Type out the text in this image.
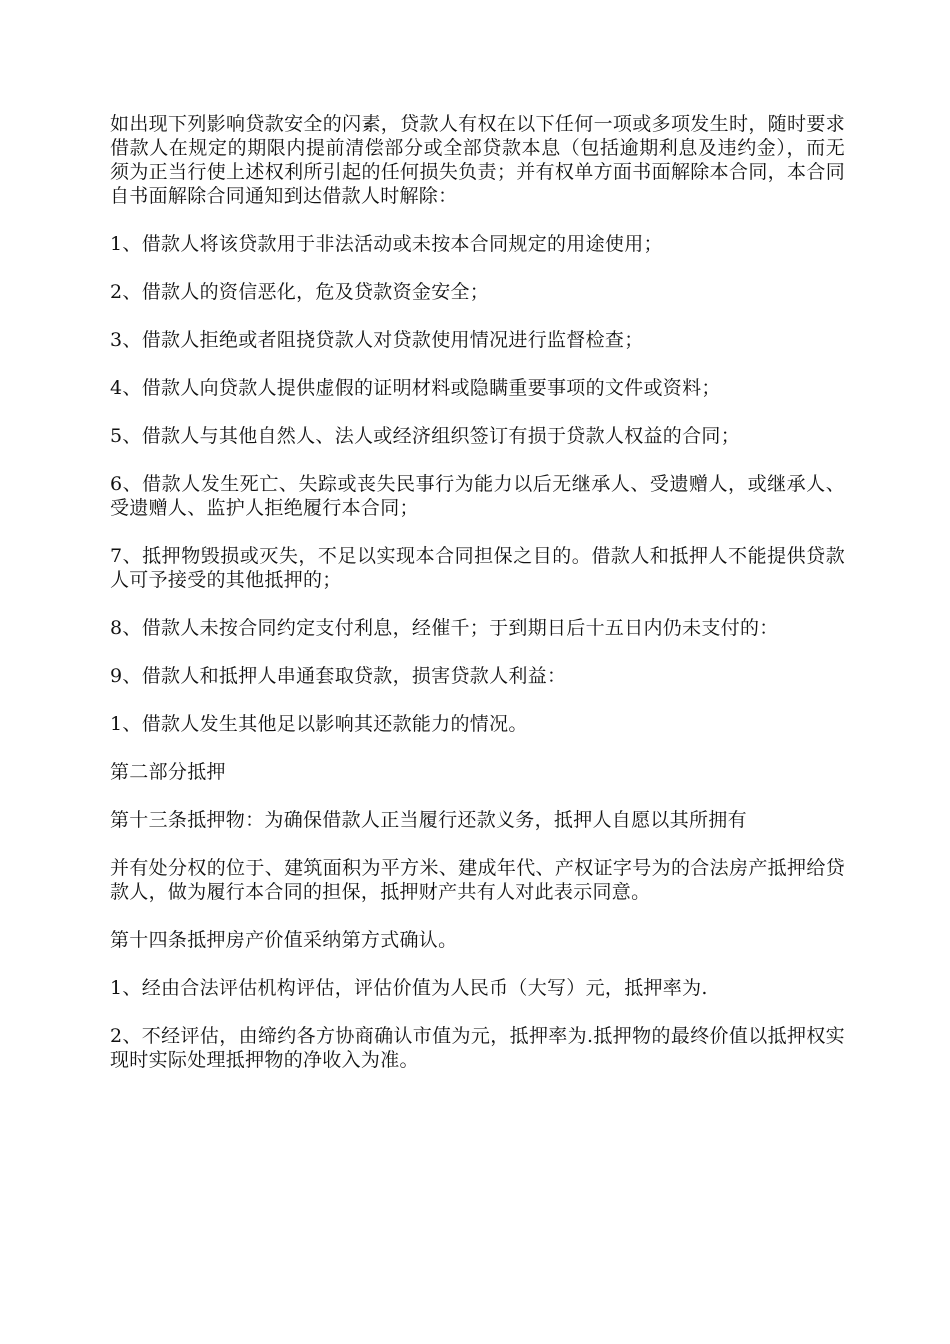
如出现下列影响贷款安全的闪素，贷款人有权在以下任何一项或多项发生时，随时要求借款人在规定的期限内提前清偿部分或全部贷款本息（包括逾期利息及违约金），而无须为正当行使上述权利所引起的任何损失负责；并有权单方面书面解除本合同，本合同自书面解除合同通知到达借款人时解除：

1、借款人将该贷款用于非法活动或未按本合同规定的用途使用；

2、借款人的资信恶化，危及贷款资金安全；

3、借款人拒绝或者阻挠贷款人对贷款使用情况进行监督检查；

4、借款人向贷款人提供虚假的证明材料或隐瞒重要事项的文件或资料；

5、借款人与其他自然人、法人或经济组织签订有损于贷款人权益的合同；

6、借款人发生死亡、失踪或丧失民事行为能力以后无继承人、受遗赠人，或继承人、受遗赠人、监护人拒绝履行本合同；

7、抵押物毁损或灭失，不足以实现本合同担保之目的。借款人和抵押人不能提供贷款人可予接受的其他抵押的；

8、借款人未按合同约定支付利息，经催千；于到期日后十五日内仍未支付的：

9、借款人和抵押人串通套取贷款，损害贷款人利益：

1、借款人发生其他足以影响其还款能力的情况。

第二部分抵押

第十三条抵押物：为确保借款人正当履行还款义务，抵押人自愿以其所拥有

并有处分权的位于、建筑面积为平方米、建成年代、产权证字号为的合法房产抵押给贷款人，做为履行本合同的担保，抵押财产共有人对此表示同意。

第十四条抵押房产价值采纳第方式确认。

1、经由合法评估机构评估，评估价值为人民币（大写）元，抵押率为.

2、不经评估，由缔约各方协商确认市值为元，抵押率为.抵押物的最终价值以抵押权实现时实际处理抵押物的净收入为准。
